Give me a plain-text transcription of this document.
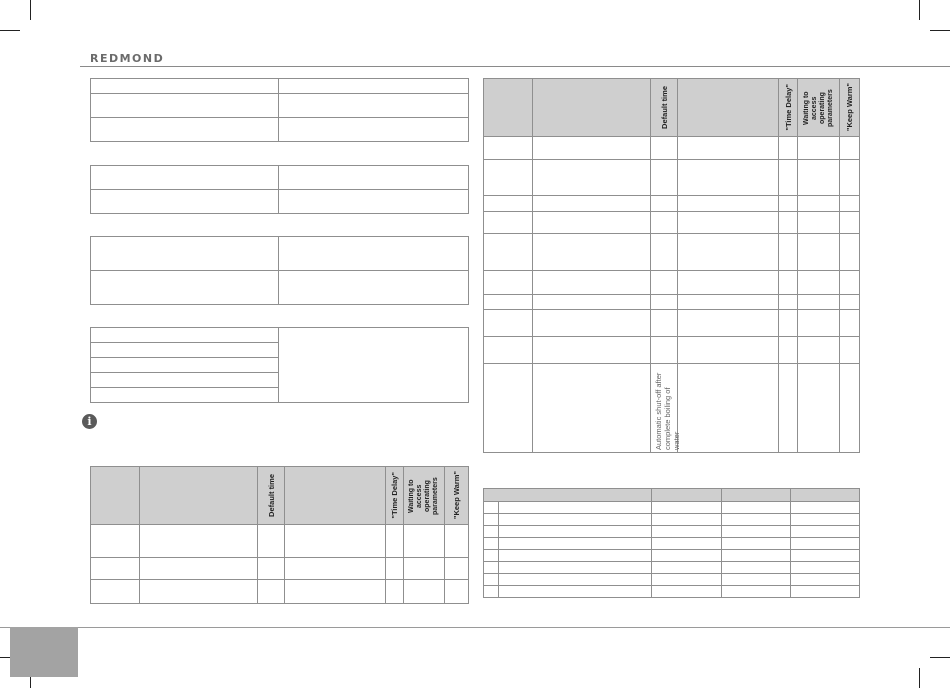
REDMOND

i

		Default time		"Time Delay"	Waiting to access operating parameters	"Keep Warm"

		Default time		"Time Delay"	Waiting to access operating parameters	"Keep Warm"

		Automatic shut-off after complete boiling of water				
